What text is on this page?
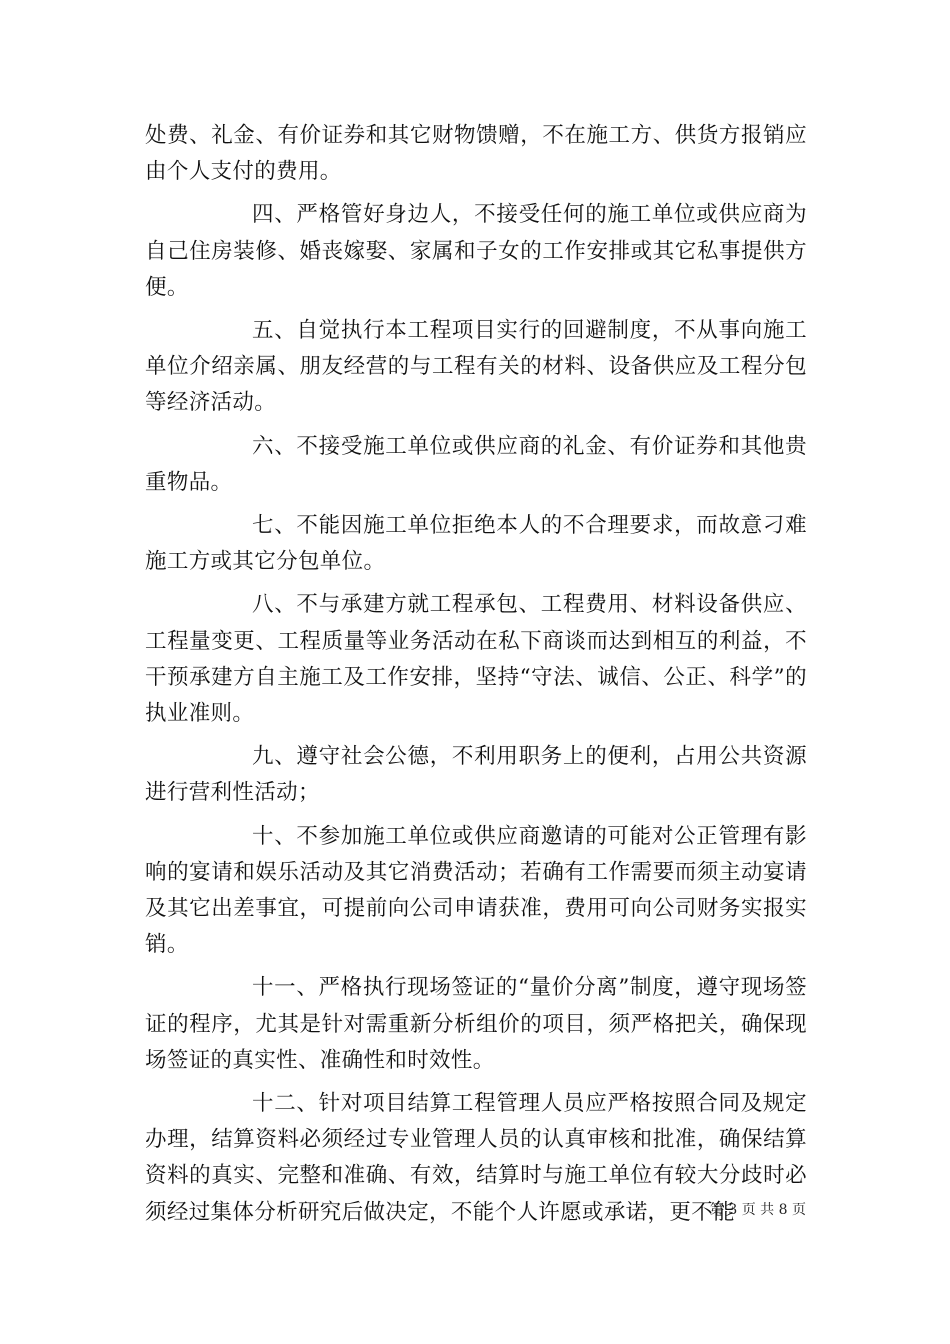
处费、礼金、有价证券和其它财物馈赠，不在施工方、供货方报销应由个人支付的费用。

四、严格管好身边人，不接受任何的施工单位或供应商为自己住房装修、婚丧嫁娶、家属和子女的工作安排或其它私事提供方便。

五、自觉执行本工程项目实行的回避制度，不从事向施工单位介绍亲属、朋友经营的与工程有关的材料、设备供应及工程分包等经济活动。

六、不接受施工单位或供应商的礼金、有价证券和其他贵重物品。

七、不能因施工单位拒绝本人的不合理要求，而故意刁难施工方或其它分包单位。

八、不与承建方就工程承包、工程费用、材料设备供应、工程量变更、工程质量等业务活动在私下商谈而达到相互的利益，不干预承建方自主施工及工作安排，坚持“守法、诚信、公正、科学”的执业准则。

九、遵守社会公德，不利用职务上的便利，占用公共资源进行营利性活动；

十、不参加施工单位或供应商邀请的可能对公正管理有影响的宴请和娱乐活动及其它消费活动；若确有工作需要而须主动宴请及其它出差事宜，可提前向公司申请获准，费用可向公司财务实报实销。

十一、严格执行现场签证的“量价分离”制度，遵守现场签证的程序，尤其是针对需重新分析组价的项目，须严格把关，确保现场签证的真实性、准确性和时效性。

十二、针对项目结算工程管理人员应严格按照合同及规定办理，结算资料必须经过专业管理人员的认真审核和批准，确保结算资料的真实、完整和准确、有效，结算时与施工单位有较大分歧时必须经过集体分析研究后做决定，不能个人许愿或承诺，更不能

第 3 页 共 8 页
